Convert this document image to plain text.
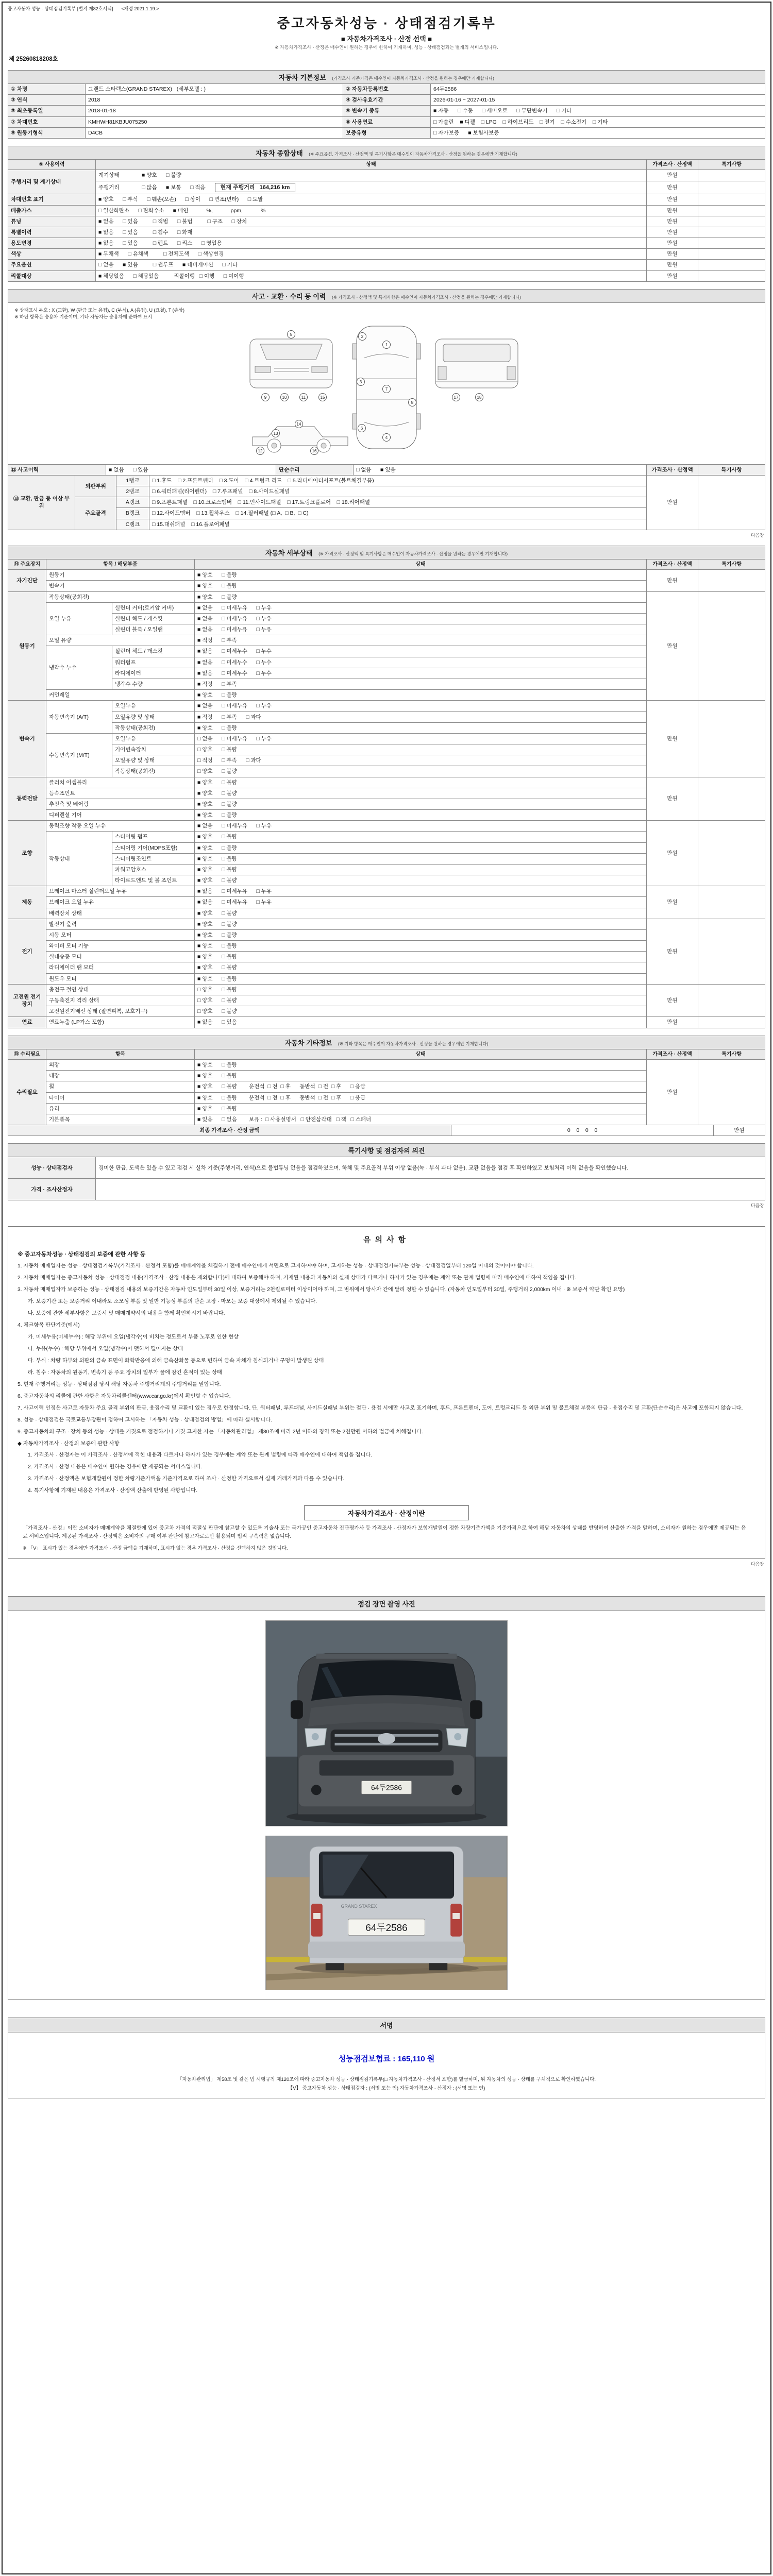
중고자동차 성능 · 상태점검기록부 [별지 제82호서식] <개정 2021.1.19.>
중고자동차성능 · 상태점검기록부
■ 자동차가격조사 · 산정 선택 ■
※ 자동차가격조사 · 산정은 매수인이 원하는 경우에 한하여 기재하며, 성능 · 상태점검과는 별개의 서비스입니다.
제 25260818208호
자동차 기본정보 (가격조사 기준가격은 매수인이 자동차가격조사 · 산정을 원하는 경우에만 기재합니다)
① 차명	그랜드 스타렉스(GRAND STAREX)   (세부모델 : )	② 자동차등록번호	64두2586
③ 연식	2018	④ 검사유효기간	2026-01-16 ~ 2027-01-15
⑤ 최초등록일	2018-01-18	⑥ 변속기 종류	■ 자동      □ 수동      □ 세미오토      □ 무단변속기      □ 기타
⑦ 차대번호	KMHWH81KBJU075250	⑧ 사용연료	□ 가솔린    ■ 디젤    □ LPG    □ 하이브리드    □ 전기    □ 수소전기    □ 기타
⑨ 원동기형식	D4CB	보증유형	□ 자가보증      ■ 보험사보증
자동차 종합상태 (※ 주요옵션, 가격조사 · 산정액 및 특기사항은 매수인이 자동차가격조사 · 산정을 원하는 경우에만 기재합니다)
⑨ 사용이력	상태	가격조사 · 산정액	특기사항
주행거리 및 계기상태	계기상태 ■ 양호      □ 불량	만원	
	주행거리 □ 많음      ■ 보통      □ 적음 현재 주행거리   164,216 km	만원	
차대번호 표기	■ 양호      □ 부식      □ 훼손(오손)      □ 상이      □ 변조(변타)      □ 도말	만원	
배출가스	□ 일산화탄소      □ 탄화수소      ■ 매연            %,            ppm,            %	만원	
튜닝	■ 없음      □ 있음          □ 적법      □ 불법          □ 구조      □ 장치	만원	
특별이력	■ 없음      □ 있음          □ 침수      □ 화재	만원	
용도변경	■ 없음      □ 있음          □ 렌트      □ 리스      □ 영업용	만원	
색상	■ 무채색      □ 유채색          □ 전체도색      □ 색상변경	만원	
주요옵션	□ 없음      ■ 있음          □ 썬루프      ■ 네비게이션      □ 기타	만원	
리콜대상	■ 해당없음      □ 해당있음          리콜이행   □ 이행      □ 미이행	만원	
사고 · 교환 · 수리 등 이력 (※ 가격조사 · 산정액 및 특기사항은 매수인이 자동차가격조사 · 산정을 원하는 경우에만 기재합니다)
※ 상태표시 부호 : X (교환), W (판금 또는 용접), C (부식), A (흠집), U (요철), T (손상)
※ 하단 항목은 승용차 기준이며, 기타 자동차는 승용차에 준하여 표시
5
1
2
3
4
6
7
8
9	10	11	15	17	18
12
13
14
16
⑫ 사고이력	■ 없음      □ 있음	단순수리	□ 없음      ■ 있음	가격조사 · 산정액	특기사항
⑬ 교환, 판금 등 이상 부위	외판부위	1랭크	□ 1.후드    □ 2.프론트펜더    □ 3.도어    □ 4.트렁크 리드    □ 5.라디에이터서포트(볼트체결부품)	만원	
		2랭크	□ 6.쿼터패널(리어펜더)    □ 7.루프패널    □ 8.사이드실패널		
	주요골격	A랭크	□ 9.프론트패널    □ 10.크로스멤버    □ 11.인사이드패널    □ 17.트렁크플로어    □ 18.리어패널		
		B랭크	□ 12.사이드멤버    □ 13.휠하우스    □ 14.필러패널 (□ A,  □ B,  □ C)		
		C랭크	□ 15.대쉬패널    □ 16.플로어패널		
다음장
자동차 세부상태 (※ 가격조사 · 산정액 및 특기사항은 매수인이 자동차가격조사 · 산정을 원하는 경우에만 기재합니다)
⑭ 주요장치	항목 / 해당부품		상태	가격조사 · 산정액	특기사항
자기진단	원동기		■ 양호      □ 불량	만원	
	변속기		■ 양호      □ 불량		
원동기	작동상태(공회전)		■ 양호      □ 불량	만원	
	오일 누유	실린더 커버(로커암 커버)	■ 없음      □ 미세누유      □ 누유		
		실린더 헤드 / 개스킷	■ 없음      □ 미세누유      □ 누유		
		실린더 블록 / 오일팬	■ 없음      □ 미세누유      □ 누유		
	오일 유량		■ 적정      □ 부족		
	냉각수 누수	실린더 헤드 / 개스킷	■ 없음      □ 미세누수      □ 누수		
		워터펌프	■ 없음      □ 미세누수      □ 누수		
		라디에이터	■ 없음      □ 미세누수      □ 누수		
		냉각수 수량	■ 적정      □ 부족		
	커먼레일		■ 양호      □ 불량		
변속기	자동변속기 (A/T)	오일누유	■ 없음      □ 미세누유      □ 누유	만원	
		오일유량 및 상태	■ 적정      □ 부족      □ 과다		
		작동상태(공회전)	■ 양호      □ 불량		
	수동변속기 (M/T)	오일누유	□ 없음      □ 미세누유      □ 누유		
		기어변속장치	□ 양호      □ 불량		
		오일유량 및 상태	□ 적정      □ 부족      □ 과다		
		작동상태(공회전)	□ 양호      □ 불량		
동력전달	클러치 어셈블리		■ 양호      □ 불량	만원	
	등속조인트		■ 양호      □ 불량		
	추진축 및 베어링		■ 양호      □ 불량		
	디퍼렌셜 기어		■ 양호      □ 불량		
조향	동력조향 작동 오일 누유		■ 없음      □ 미세누유      □ 누유	만원	
	작동상태	스티어링 펌프	■ 양호      □ 불량		
		스티어링 기어(MDPS포함)	■ 양호      □ 불량		
		스티어링조인트	■ 양호      □ 불량		
		파워고압호스	■ 양호      □ 불량		
		타이로드엔드 및 볼 조인트	■ 양호      □ 불량		
제동	브레이크 마스터 실린더오일 누유		■ 없음      □ 미세누유      □ 누유	만원	
	브레이크 오일 누유		■ 없음      □ 미세누유      □ 누유		
	배력장치 상태		■ 양호      □ 불량		
전기	발전기 출력		■ 양호      □ 불량	만원	
	시동 모터		■ 양호      □ 불량		
	와이퍼 모터 기능		■ 양호      □ 불량		
	실내송풍 모터		■ 양호      □ 불량		
	라디에이터 팬 모터		■ 양호      □ 불량		
	윈도우 모터		■ 양호      □ 불량		
고전원 전기장치	충전구 절연 상태		□ 양호      □ 불량	만원	
	구동축전지 격리 상태		□ 양호      □ 불량		
	고전원전기배선 상태 (절연피복, 보호기구)		□ 양호      □ 불량		
연료	연료누출 (LP가스 포함)		■ 없음      □ 있음	만원	
자동차 기타정보 (※ 기타 항목은 매수인이 자동차가격조사 · 산정을 원하는 경우에만 기재합니다)
⑮ 수리필요	항목	상태	가격조사 · 산정액	특기사항
수리필요	외장	■ 양호      □ 불량	만원	
	내장	■ 양호      □ 불량		
	휠	■ 양호      □ 불량        운전석  □ 전  □ 후      동반석  □ 전  □ 후      □ 응급		
	타이어	■ 양호      □ 불량        운전석  □ 전  □ 후      동반석  □ 전  □ 후      □ 응급		
	유리	■ 양호      □ 불량		
	기본품목	■ 있음      □ 없음        보유 :  □ 사용설명서   □ 안전삼각대   □ 잭   □ 스패너		
최종 가격조사 · 산정 금액	0    0    0    0	만원
특기사항 및 점검자의 의견
성능 · 상태점검자	경미한 판금, 도색은 있을 수 있고 점검 시 실차 기준(주행거리, 연식)으로 불법튜닝 없음을 점검하였으며, 하체 및 주요골격 부위 이상 없음(녹 · 부식 과다 없음), 교환 없음을 점검 후 확인하였고 보험처리 이력 없음을 확인했습니다.
가격 · 조사산정자	
다음장
유의사항
※ 중고자동차성능 · 상태점검의 보증에 관한 사항 등
1. 자동차 매매업자는 성능 · 상태점검기록부(가격조사 · 산정서 포함)를 매매계약을 체결하기 전에 매수인에게 서면으로 고지하여야 하며, 고지하는 성능 · 상태점검기록부는 성능 · 상태점검일부터 120일 이내의 것이어야 합니다.
2. 자동차 매매업자는 중고자동차 성능 · 상태점검 내용(가격조사 · 산정 내용은 제외합니다)에 대하여 보증해야 하며, 기재된 내용과 자동차의 실제 상태가 다르거나 하자가 있는 경우에는 계약 또는 관계 법령에 따라 매수인에 대하여 책임을 집니다.
3. 자동차 매매업자가 보증하는 성능 · 상태점검 내용의 보증기간은 자동차 인도일부터 30일 이상, 보증거리는 2천킬로미터 이상이어야 하며, 그 범위에서 당사자 간에 달리 정할 수 있습니다. (자동차 인도일부터 30일, 주행거리 2,000km 이내 · ※ 보증서 약관 확인 요망)
가. 보증기간 또는 보증거리 이내라도 소모성 부품 및 일반 기능성 부품의 단순 고장 · 마모는 보증 대상에서 제외될 수 있습니다.
나. 보증에 관한 세부사항은 보증서 및 매매계약서의 내용을 함께 확인하시기 바랍니다.
4. 체크항목 판단기준(예시)
가. 미세누유(미세누수) : 해당 부위에 오일(냉각수)이 비치는 정도로서 부품 노후로 인한 현상
나. 누유(누수) : 해당 부위에서 오일(냉각수)이 맺혀서 떨어지는 상태
다. 부식 : 차량 하부와 외판의 금속 표면이 화학반응에 의해 금속산화물 등으로 변하여 금속 자체가 침식되거나 구멍이 발생된 상태
라. 침수 : 자동차의 원동기, 변속기 등 주요 장치의 일부가 물에 잠긴 흔적이 있는 상태
5. 현재 주행거리는 성능 · 상태점검 당시 해당 자동차 주행거리계의 주행거리를 말합니다.
6. 중고자동차의 리콜에 관한 사항은 자동차리콜센터(www.car.go.kr)에서 확인할 수 있습니다.
7. 사고이력 인정은 사고로 자동차 주요 골격 부위의 판금, 용접수리 및 교환이 있는 경우로 한정합니다. 단, 쿼터패널, 루프패널, 사이드실패널 부위는 절단 · 용접 시에만 사고로 표기하며, 후드, 프론트펜더, 도어, 트렁크리드 등 외판 부위 및 볼트체결 부품의 판금 · 용접수리 및 교환(단순수리)은 사고에 포함되지 않습니다.
8. 성능 · 상태점검은 국토교통부장관이 정하여 고시하는 「자동차 성능 · 상태점검의 방법」에 따라 실시합니다.
9. 중고자동차의 구조 · 장치 등의 성능 · 상태를 거짓으로 점검하거나 거짓 고지한 자는 「자동차관리법」 제80조에 따라 2년 이하의 징역 또는 2천만원 이하의 벌금에 처해집니다.
◆ 자동차가격조사 · 산정의 보증에 관한 사항
1. 가격조사 · 산정자는 이 가격조사 · 산정서에 적힌 내용과 다르거나 하자가 있는 경우에는 계약 또는 관계 법령에 따라 매수인에 대하여 책임을 집니다.
2. 가격조사 · 산정 내용은 매수인이 원하는 경우에만 제공되는 서비스입니다.
3. 가격조사 · 산정액은 보험개발원이 정한 차량기준가액을 기준가격으로 하여 조사 · 산정한 가격으로서 실제 거래가격과 다를 수 있습니다.
4. 특기사항에 기재된 내용은 가격조사 · 산정액 산출에 반영된 사항입니다.
자동차가격조사 · 산정이란
「가격조사 · 산정」이란 소비자가 매매계약을 체결함에 있어 중고차 가격의 적절성 판단에 참고할 수 있도록 기술사 또는 국가공인 중고자동차 진단평가사 등 가격조사 · 산정자가 보험개발원이 정한 차량기준가액을 기준가격으로 하여 해당 자동차의 상태를 반영하여 산출한 가격을 말하며, 소비자가 원하는 경우에만 제공되는 유료 서비스입니다. 제공된 가격조사 · 산정액은 소비자의 구매 여부 판단에 참고자료로만 활용되며 법적 구속력은 없습니다.
※ 「V」 표시가 있는 경우에만 가격조사 · 산정 금액을 기재하며, 표시가 없는 경우 가격조사 · 산정을 선택하지 않은 것입니다.
다음장
점검 장면 촬영 사진
64두2586
GRAND STAREX
64두2586
서명
성능점검보험료 : 165,110 원
「자동차관리법」 제58조 및 같은 법 시행규칙 제120조에 따라 중고자동차 성능 · 상태점검기록부(□ 자동차가격조사 · 산정서 포함)를 발급하며, 위 자동차의 성능 · 상태를 구체적으로 확인하였습니다.
【V】 중고자동차 성능 · 상태점검자 : (서명 또는 인) 자동차가격조사 · 산정자 : (서명 또는 인)
